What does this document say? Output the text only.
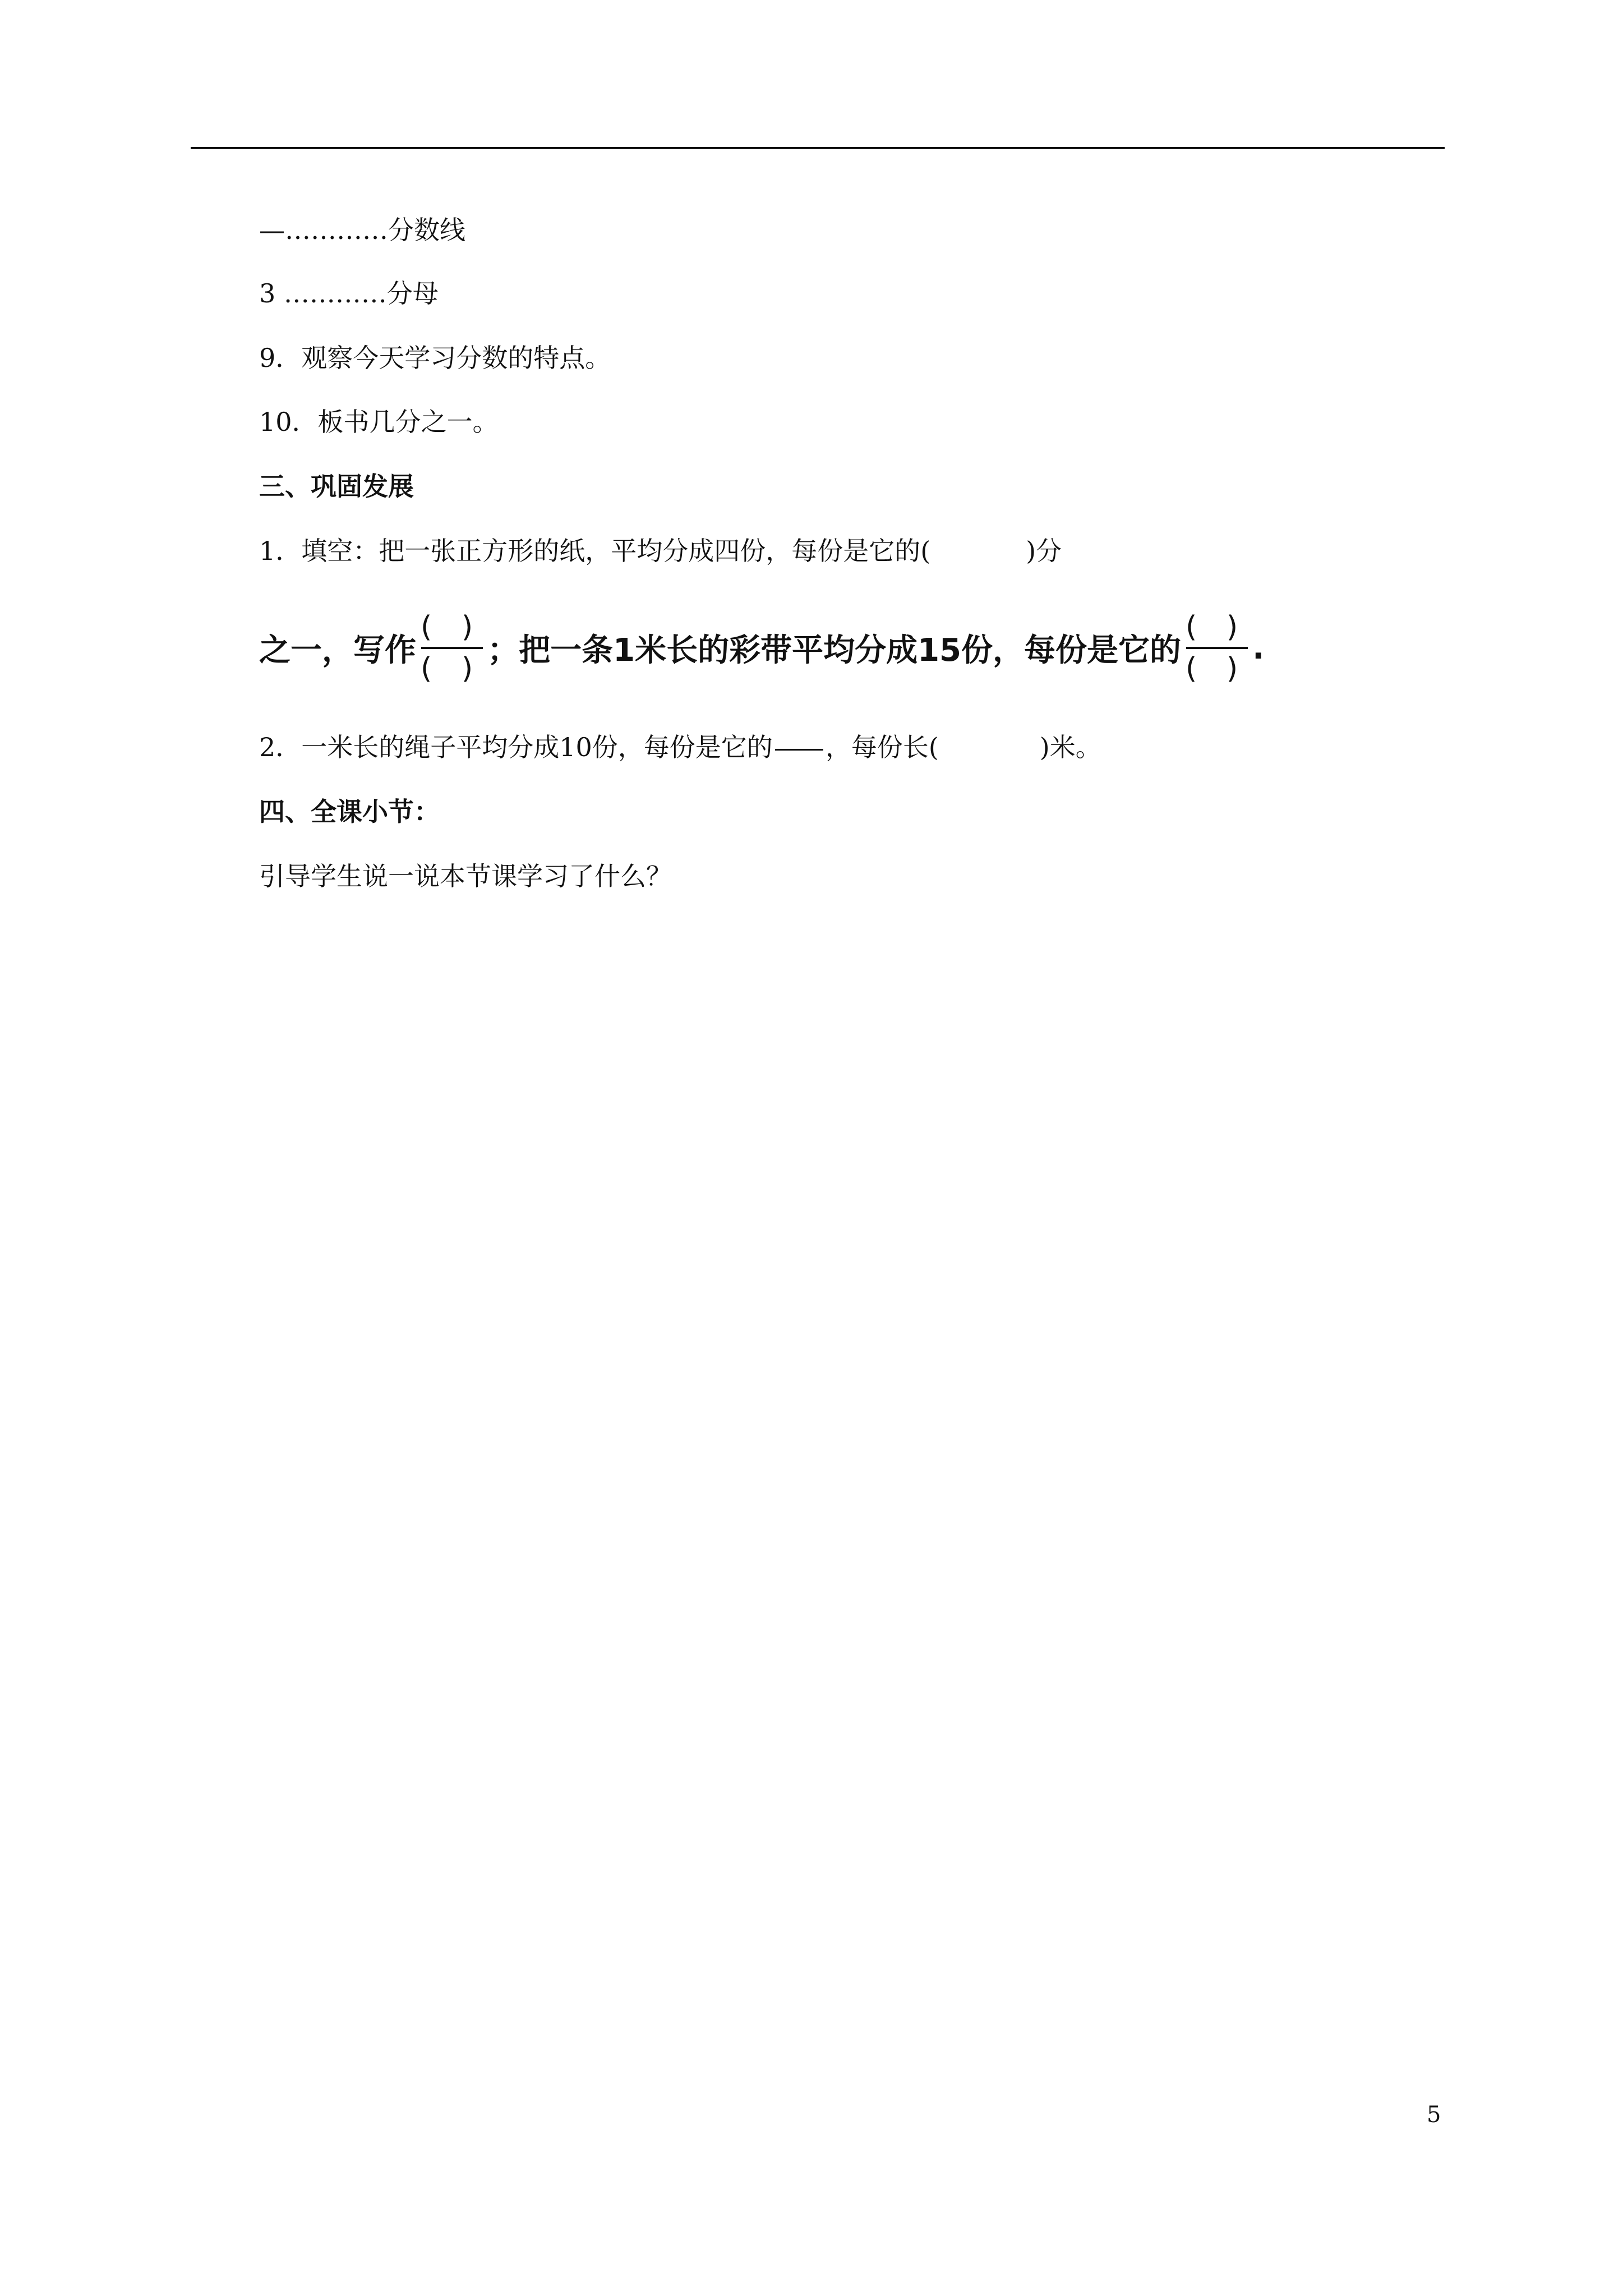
—…………分数线
3 …………分母
9．观察今天学习分数的特点。
10．板书几分之一。
三、巩固发展
1．填空：把一张正方形的纸，平均分成四份，每份是它的(	)分
之一，写作 $\frac{( )}{( )}$ ；把一条1米长的彩带平均分成15份，每份是它的 $\frac{( )}{( )}$ .
2．一米长的绳子平均分成10份，每份是它的 ，每份长(	)米。
四、全课小节：
引导学生说一说本节课学习了什么？
5
